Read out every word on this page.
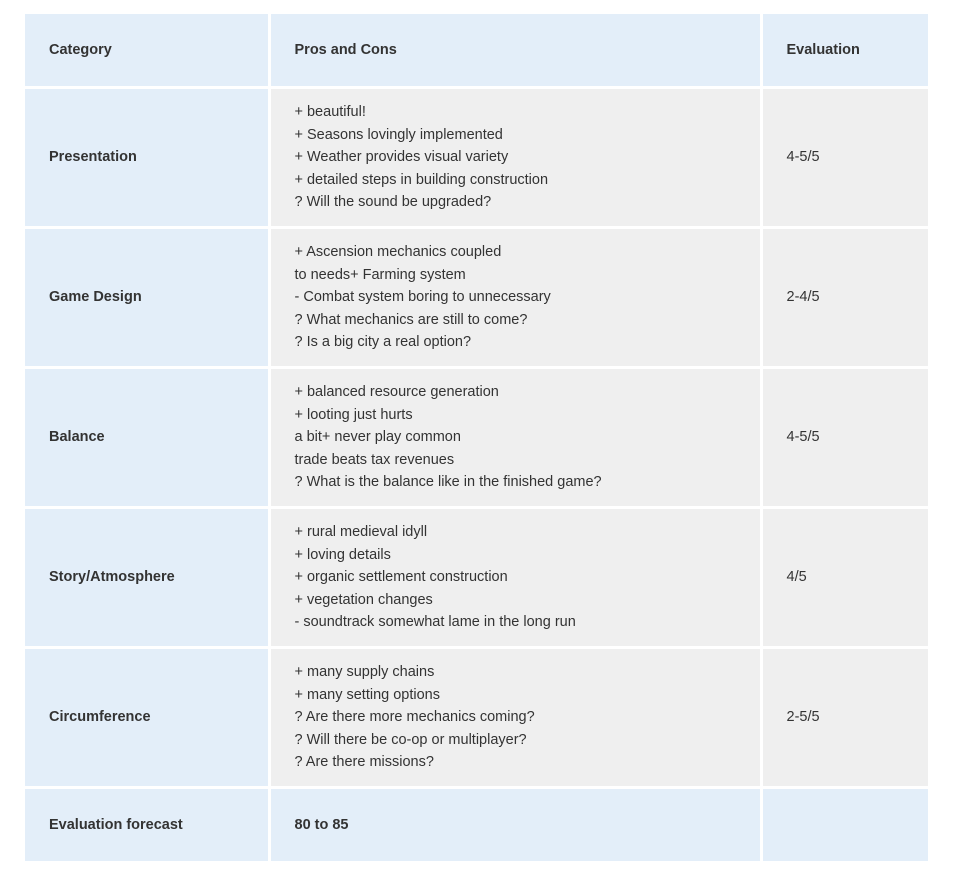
Category	Pros and Cons	Evaluation
Presentation	+ beautiful!
+ Seasons lovingly implemented
+ Weather provides visual variety
+ detailed steps in building construction
? Will the sound be upgraded?	4-5/5
Game Design	+ Ascension mechanics coupled
to needs+ Farming system
- Combat system boring to unnecessary
? What mechanics are still to come?
? Is a big city a real option?	2-4/5
Balance	+ balanced resource generation
+ looting just hurts
a bit+ never play common
trade beats tax revenues
? What is the balance like in the finished game?	4-5/5
Story/Atmosphere	+ rural medieval idyll
+ loving details
+ organic settlement construction
+ vegetation changes
- soundtrack somewhat lame in the long run	4/5
Circumference	+ many supply chains
+ many setting options
? Are there more mechanics coming?
? Will there be co-op or multiplayer?
? Are there missions?	2-5/5
Evaluation forecast	80 to 85	
